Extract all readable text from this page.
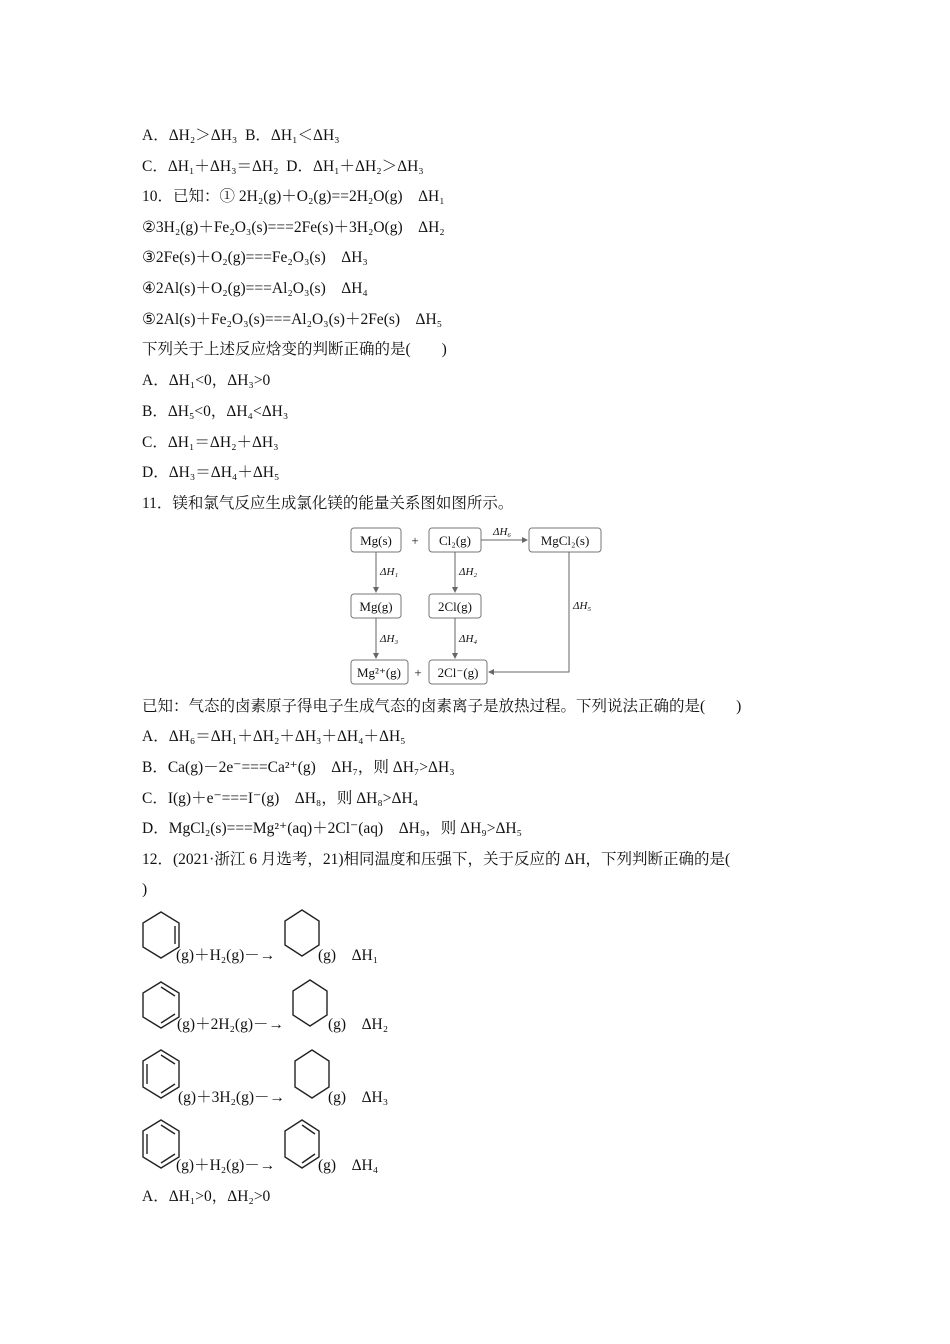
A．ΔH₂＞ΔH₃  B．ΔH₁＜ΔH₃

C．ΔH₁＋ΔH₃＝ΔH₂  D．ΔH₁＋ΔH₂＞ΔH₃

10．已知：① 2H₂(g)＋O₂(g)==2H₂O(g)　ΔH₁

②3H₂(g)＋Fe₂O₃(s)===2Fe(s)＋3H₂O(g)　ΔH₂

③2Fe(s)＋O₂(g)===Fe₂O₃(s)　ΔH₃

④2Al(s)＋O₂(g)===Al₂O₃(s)　ΔH₄

⑤2Al(s)＋Fe₂O₃(s)===Al₂O₃(s)＋2Fe(s)　ΔH₅

下列关于上述反应焓变的判断正确的是(　　)

A．ΔH₁<0，ΔH₃>0

B．ΔH₅<0，ΔH₄<ΔH₃

C．ΔH₁＝ΔH₂＋ΔH₃

D．ΔH₃＝ΔH₄＋ΔH₅

11．镁和氯气反应生成氯化镁的能量关系图如图所示。

Mg(s) + Cl₂(g)	MgCl₂(s)
Mg(g)	2Cl(g)
Mg²⁺(g) + 2Cl⁻(g)
ΔH₆
ΔH₁	ΔH₂
ΔH₅
ΔH₃	ΔH₄

已知：气态的卤素原子得电子生成气态的卤素离子是放热过程。下列说法正确的是(　　)

A．ΔH₆＝ΔH₁＋ΔH₂＋ΔH₃＋ΔH₄＋ΔH₅

B．Ca(g)－2e⁻===Ca²⁺(g)　ΔH₇，则 ΔH₇>ΔH₃

C．I(g)＋e⁻===I⁻(g)　ΔH₈，则 ΔH₈>ΔH₄

D．MgCl₂(s)===Mg²⁺(aq)＋2Cl⁻(aq)　ΔH₉，则 ΔH₉>ΔH₅

12．(2021·浙江 6 月选考，21)相同温度和压强下，关于反应的 ΔH，下列判断正确的是(

)

(g)＋H₂(g)－→	(g)　ΔH₁
(g)＋2H₂(g)－→	(g)　ΔH₂
(g)＋3H₂(g)－→	(g)　ΔH₃
(g)＋H₂(g)－→	(g)　ΔH₄

A．ΔH₁>0，ΔH₂>0
